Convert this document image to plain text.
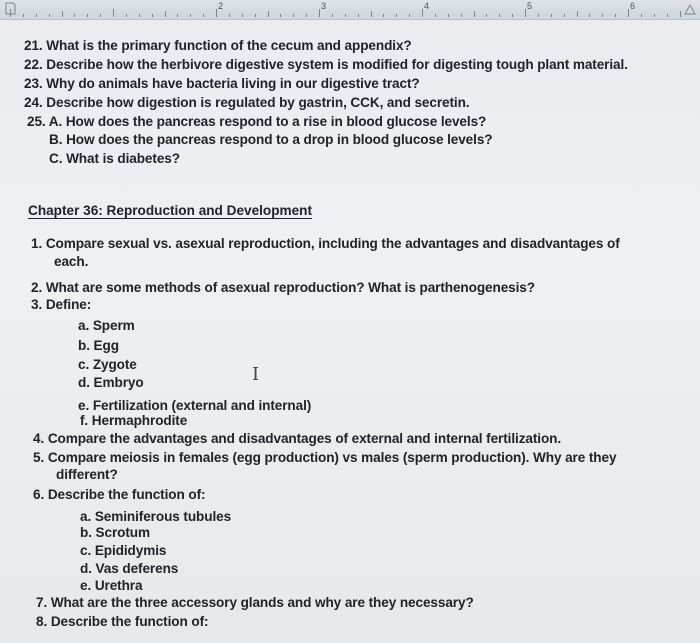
2	3	4	5	6
21. What is the primary function of the cecum and appendix?
22. Describe how the herbivore digestive system is modified for digesting tough plant material.
23. Why do animals have bacteria living in our digestive tract?
24. Describe how digestion is regulated by gastrin, CCK, and secretin.
25. A. How does the pancreas respond to a rise in blood glucose levels?
B. How does the pancreas respond to a drop in blood glucose levels?
C. What is diabetes?
Chapter 36: Reproduction and Development
1. Compare sexual vs. asexual reproduction, including the advantages and disadvantages of
each.
2. What are some methods of asexual reproduction? What is parthenogenesis?
3. Define:
a. Sperm
b. Egg
c. Zygote
d. Embryo
e. Fertilization (external and internal)
f. Hermaphrodite
4. Compare the advantages and disadvantages of external and internal fertilization.
5. Compare meiosis in females (egg production) vs males (sperm production). Why are they
different?
6. Describe the function of:
a. Seminiferous tubules
b. Scrotum
c. Epididymis
d. Vas deferens
e. Urethra
7. What are the three accessory glands and why are they necessary?
8. Describe the function of:
I
